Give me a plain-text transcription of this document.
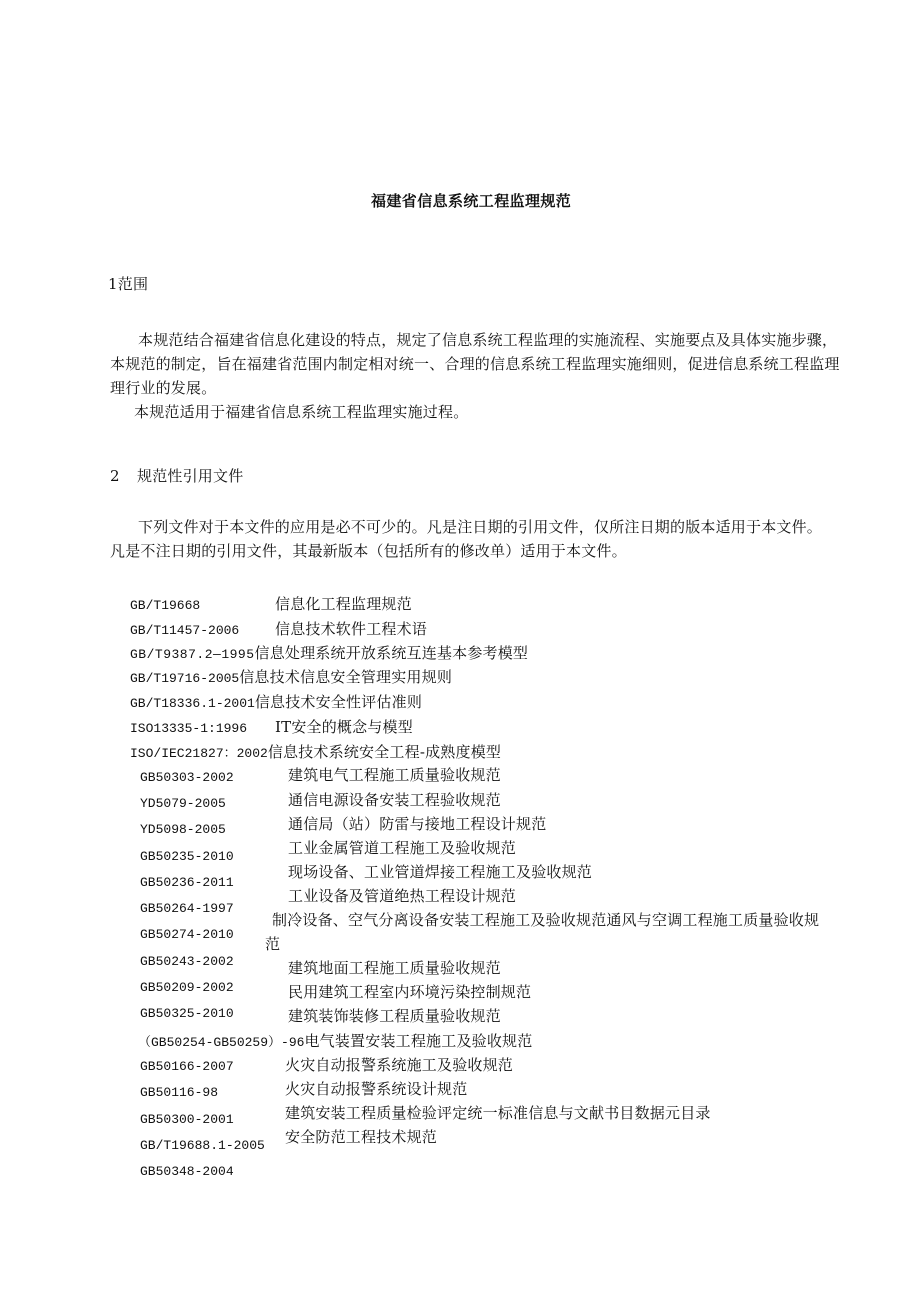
福建省信息系统工程监理规范
1范围
本规范结合福建省信息化建设的特点，规定了信息系统工程监理的实施流程、实施要点及具体实施步骤，
本规范的制定，旨在福建省范围内制定相对统一、合理的信息系统工程监理实施细则，促进信息系统工程监理
理行业的发展。
本规范适用于福建省信息系统工程监理实施过程。
2 规范性引用文件
下列文件对于本文件的应用是必不可少的。凡是注日期的引用文件，仅所注日期的版本适用于本文件。
凡是不注日期的引用文件，其最新版本（包括所有的修改单）适用于本文件。
GB/T19668	信息化工程监理规范
GB/T11457-2006 信息技术软件工程术语
GB/T9387.2—1995信息处理系统开放系统互连基本参考模型
GB/T19716-2005信息技术信息安全管理实用规则
GB/T18336.1-2001信息技术安全性评估准则
ISO13335-1:1996 IT安全的概念与模型
ISO/IEC21827：2002信息技术系统安全工程-成熟度模型
GB50303-2002
YD5079-2005
YD5098-2005
GB50235-2010
GB50236-2011
GB50264-1997
GB50274-2010
GB50243-2002
GB50209-2002
GB50325-2010
（GB50254-GB50259）-96电气装置安装工程施工及验收规范
GB50166-2007
GB50116-98
GB50300-2001
GB/T19688.1-2005
GB50348-2004
建筑电气工程施工质量验收规范
通信电源设备安装工程验收规范
通信局（站）防雷与接地工程设计规范
工业金属管道工程施工及验收规范
现场设备、工业管道焊接工程施工及验收规范
工业设备及管道绝热工程设计规范
制冷设备、空气分离设备安装工程施工及验收规范通风与空调工程施工质量验收规
范
建筑地面工程施工质量验收规范
民用建筑工程室内环境污染控制规范
建筑装饰装修工程质量验收规范
火灾自动报警系统施工及验收规范
火灾自动报警系统设计规范
建筑安装工程质量检验评定统一标准信息与文献书目数据元目录
安全防范工程技术规范
